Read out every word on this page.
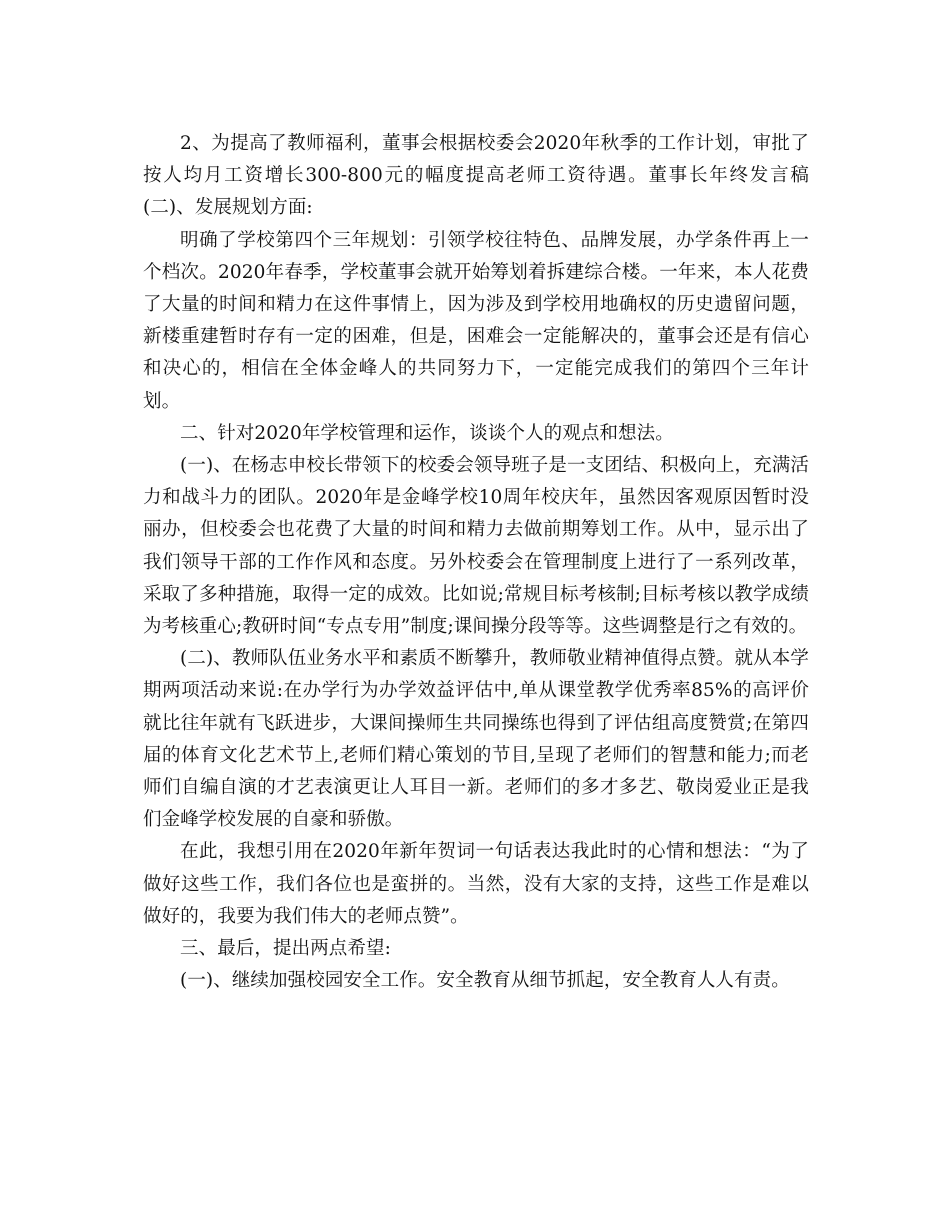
2、为提高了教师福利，董事会根据校委会2020年秋季的工作计划，审批了按人均月工资增长300-800元的幅度提高老师工资待遇。董事长年终发言稿(二)、发展规划方面:

明确了学校第四个三年规划：引领学校往特色、品牌发展，办学条件再上一个档次。2020年春季，学校董事会就开始筹划着拆建综合楼。一年来，本人花费了大量的时间和精力在这件事情上，因为涉及到学校用地确权的历史遗留问题，新楼重建暂时存有一定的困难，但是，困难会一定能解决的，董事会还是有信心和决心的，相信在全体金峰人的共同努力下，一定能完成我们的第四个三年计划。

二、针对2020年学校管理和运作，谈谈个人的观点和想法。

(一)、在杨志申校长带领下的校委会领导班子是一支团结、积极向上，充满活力和战斗力的团队。2020年是金峰学校10周年校庆年，虽然因客观原因暂时没丽办，但校委会也花费了大量的时间和精力去做前期筹划工作。从中，显示出了我们领导干部的工作作风和态度。另外校委会在管理制度上进行了一系列改革，采取了多种措施，取得一定的成效。比如说;常规目标考核制;目标考核以教学成绩为考核重心;教研时间“专点专用”制度;课间操分段等等。这些调整是行之有效的。

(二)、教师队伍业务水平和素质不断攀升，教师敬业精神值得点赞。就从本学期两项活动来说:在办学行为办学效益评估中,单从课堂教学优秀率85%的高评价就比往年就有飞跃进步，大课间操师生共同操练也得到了评估组高度赞赏;在第四届的体育文化艺术节上,老师们精心策划的节目,呈现了老师们的智慧和能力;而老师们自编自演的才艺表演更让人耳目一新。老师们的多才多艺、敬岗爱业正是我们金峰学校发展的自豪和骄傲。

在此，我想引用在2020年新年贺词一句话表达我此时的心情和想法：“为了做好这些工作，我们各位也是蛮拼的。当然，没有大家的支持，这些工作是难以做好的，我要为我们伟大的老师点赞”。

三、最后，提出两点希望:

(一)、继续加强校园安全工作。安全教育从细节抓起，安全教育人人有责。
